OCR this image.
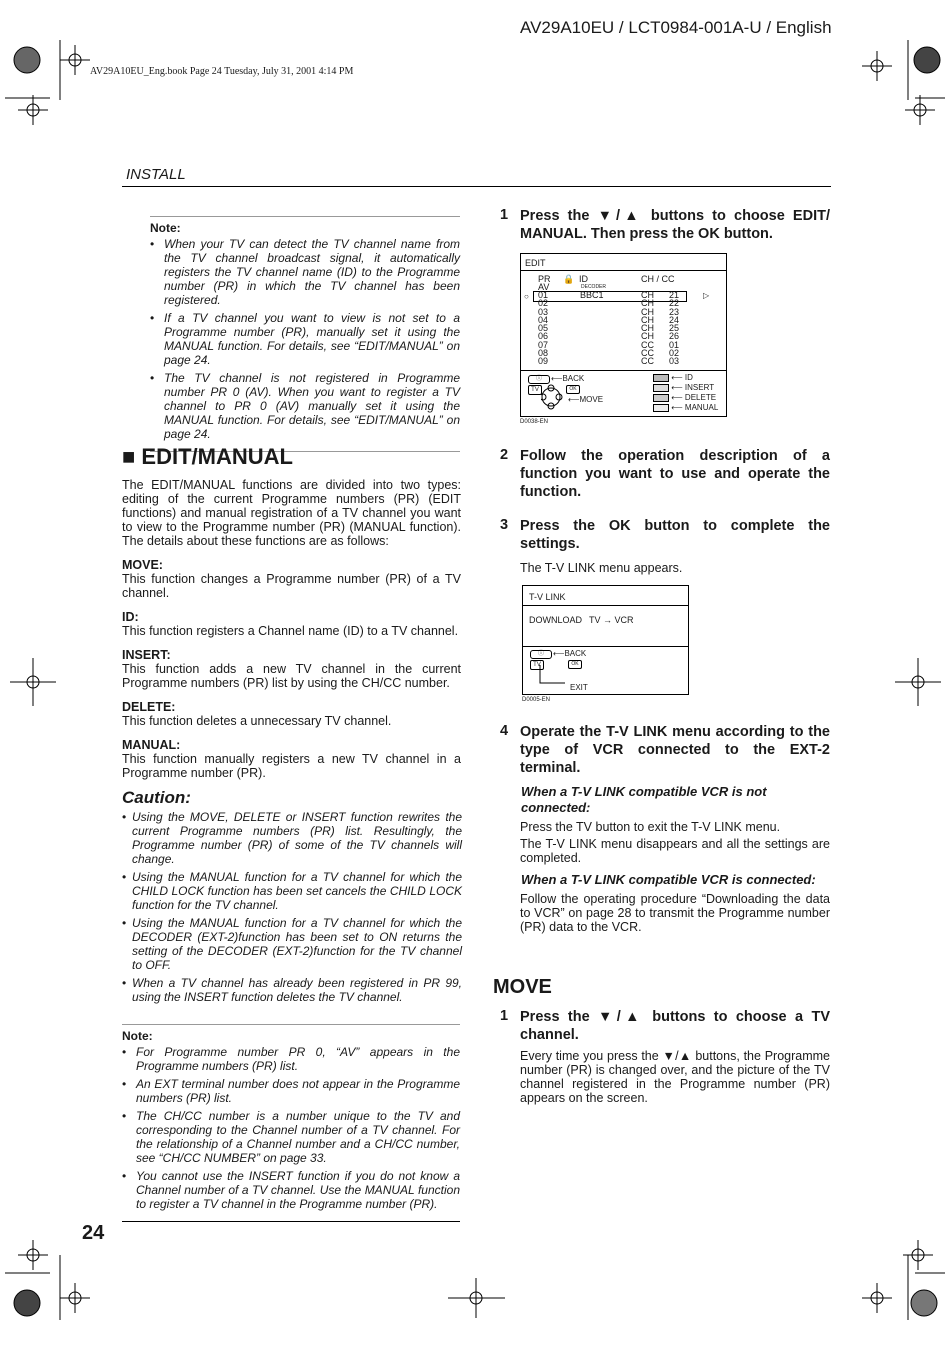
AV29A10EU / LCT0984-001A-U / English
AV29A10EU_Eng.book Page 24 Tuesday, July 31, 2001 4:14 PM
INSTALL
Note:
• When your TV can detect the TV channel name from the TV channel broadcast signal, it automatically registers the TV channel name (ID) to the Programme number (PR) in which the TV channel has been registered.
• If a TV channel you want to view is not set to a Programme number (PR), manually set it using the MANUAL function. For details, see “EDIT/MANUAL” on page 24.
• The TV channel is not registered in Programme number PR 0 (AV). When you want to register a TV channel to PR 0 (AV) manually set it using the MANUAL function. For details, see “EDIT/MANUAL” on page 24.
■ EDIT/MANUAL
The EDIT/MANUAL functions are divided into two types: editing of the current Programme numbers (PR) (EDIT functions) and manual registration of a TV channel you want to view to the Programme number (PR) (MANUAL function). The details about these functions are as follows:
MOVE:
This function changes a Programme number (PR) of a TV channel.
ID:
This function registers a Channel name (ID) to a TV channel.
INSERT:
This function adds a new TV channel in the current Programme numbers (PR) list by using the CH/CC number.
DELETE:
This function deletes a unnecessary TV channel.
MANUAL:
This function manually registers a new TV channel in a Programme number (PR).
Caution:
• Using the MOVE, DELETE or INSERT function rewrites the current Programme numbers (PR) list. Resultingly, the Programme number (PR) of some of the TV channels will change.
• Using the MANUAL function for a TV channel for which the CHILD LOCK function has been set cancels the CHILD LOCK function for the TV channel.
• Using the MANUAL function for a TV channel for which the DECODER (EXT-2)function has been set to ON returns the setting of the DECODER (EXT-2)function for the TV channel to OFF.
• When a TV channel has already been registered in PR 99, using the INSERT function deletes the TV channel.
Note:
• For Programme number PR 0, “AV” appears in the Programme numbers (PR) list.
• An EXT terminal number does not appear in the Programme numbers (PR) list.
• The CH/CC number is a number unique to the TV and corresponding to the Channel number of a TV channel. For the relationship of a Channel number and a CH/CC number, see “CH/CC NUMBER” on page 33.
• You cannot use the INSERT function if you do not know a Channel number of a TV channel. Use the MANUAL function to register a TV channel in the Programme number (PR).
24
1 Press the ▼/▲ buttons to choose EDIT/ MANUAL. Then press the OK button.
EDIT
PR 🔒 ID	CH / CC
AV	DECODER
○	▷
01	BBC1	CH 21
02	CH 22
03	CH 23
04	CH 24
05	CH 25
06	CH 26
07	CC 01
08	CC 02
09	CC 03
ⓘ	⟵BACK
TV	OK
⟵MOVE
⟵ ID
⟵ INSERT
⟵ DELETE
⟵ MANUAL
D0038-EN
2 Follow the operation description of a function you want to use and operate the function.
3 Press the OK button to complete the settings.
The T-V LINK menu appears.
T-V LINK
DOWNLOAD TV → VCR
ⓘ	⟵BACK
TV	OK
EXIT
D0005-EN
4 Operate the T-V LINK menu according to the type of VCR connected to the EXT-2 terminal.
When a T-V LINK compatible VCR is not connected:
Press the TV button to exit the T-V LINK menu.
The T-V LINK menu disappears and all the settings are completed.
When a T-V LINK compatible VCR is connected:
Follow the operating procedure “Downloading the data to VCR” on page 28 to transmit the Programme number (PR) data to the VCR.
MOVE
1 Press the ▼/▲ buttons to choose a TV channel.
Every time you press the ▼/▲ buttons, the Programme number (PR) is changed over, and the picture of the TV channel registered in the Programme number (PR) appears on the screen.
